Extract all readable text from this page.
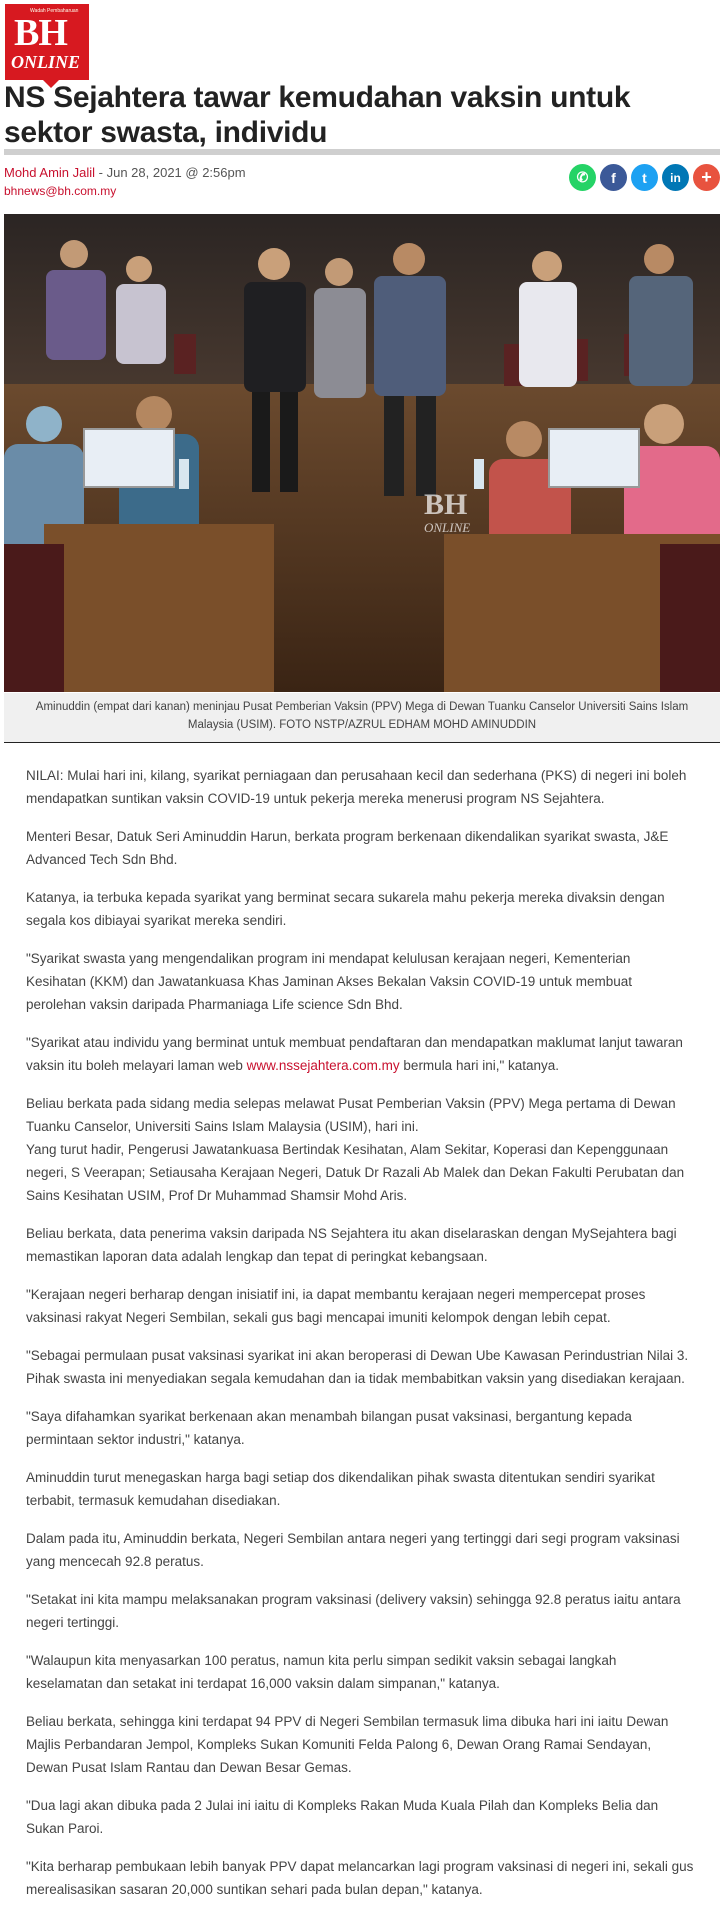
Wadah Pembaharuan
BH
ONLINE
NS Sejahtera tawar kemudahan vaksin untuk sektor swasta, individu
Mohd Amin Jalil - Jun 28, 2021 @ 2:56pm
bhnews@bh.com.my
✆	f	t	in	+
BH
ONLINE
Aminuddin (empat dari kanan) meninjau Pusat Pemberian Vaksin (PPV) Mega di Dewan Tuanku Canselor Universiti Sains Islam Malaysia (USIM). FOTO NSTP/AZRUL EDHAM MOHD AMINUDDIN

NILAI: Mulai hari ini, kilang, syarikat perniagaan dan perusahaan kecil dan sederhana (PKS) di negeri ini boleh mendapatkan suntikan vaksin COVID-19 untuk pekerja mereka menerusi program NS Sejahtera.

Menteri Besar, Datuk Seri Aminuddin Harun, berkata program berkenaan dikendalikan syarikat swasta, J&E Advanced Tech Sdn Bhd.

Katanya, ia terbuka kepada syarikat yang berminat secara sukarela mahu pekerja mereka divaksin dengan segala kos dibiayai syarikat mereka sendiri.

"Syarikat swasta yang mengendalikan program ini mendapat kelulusan kerajaan negeri, Kementerian Kesihatan (KKM) dan Jawatankuasa Khas Jaminan Akses Bekalan Vaksin COVID-19 untuk membuat perolehan vaksin daripada Pharmaniaga Life science Sdn Bhd.

"Syarikat atau individu yang berminat untuk membuat pendaftaran dan mendapatkan maklumat lanjut tawaran vaksin itu boleh melayari laman web www.nssejahtera.com.my bermula hari ini," katanya.

Beliau berkata pada sidang media selepas melawat Pusat Pemberian Vaksin (PPV) Mega pertama di Dewan Tuanku Canselor, Universiti Sains Islam Malaysia (USIM), hari ini.

Yang turut hadir, Pengerusi Jawatankuasa Bertindak Kesihatan, Alam Sekitar, Koperasi dan Kepenggunaan negeri, S Veerapan; Setiausaha Kerajaan Negeri, Datuk Dr Razali Ab Malek dan Dekan Fakulti Perubatan dan Sains Kesihatan USIM, Prof Dr Muhammad Shamsir Mohd Aris.

Beliau berkata, data penerima vaksin daripada NS Sejahtera itu akan diselaraskan dengan MySejahtera bagi memastikan laporan data adalah lengkap dan tepat di peringkat kebangsaan.

"Kerajaan negeri berharap dengan inisiatif ini, ia dapat membantu kerajaan negeri mempercepat proses vaksinasi rakyat Negeri Sembilan, sekali gus bagi mencapai imuniti kelompok dengan lebih cepat.

"Sebagai permulaan pusat vaksinasi syarikat ini akan beroperasi di Dewan Ube Kawasan Perindustrian Nilai 3. Pihak swasta ini menyediakan segala kemudahan dan ia tidak membabitkan vaksin yang disediakan kerajaan.

"Saya difahamkan syarikat berkenaan akan menambah bilangan pusat vaksinasi, bergantung kepada permintaan sektor industri," katanya.

Aminuddin turut menegaskan harga bagi setiap dos dikendalikan pihak swasta ditentukan sendiri syarikat terbabit, termasuk kemudahan disediakan.

Dalam pada itu, Aminuddin berkata, Negeri Sembilan antara negeri yang tertinggi dari segi program vaksinasi yang mencecah 92.8 peratus.

"Setakat ini kita mampu melaksanakan program vaksinasi (delivery vaksin) sehingga 92.8 peratus iaitu antara negeri tertinggi.

"Walaupun kita menyasarkan 100 peratus, namun kita perlu simpan sedikit vaksin sebagai langkah keselamatan dan setakat ini terdapat 16,000 vaksin dalam simpanan," katanya.

Beliau berkata, sehingga kini terdapat 94 PPV di Negeri Sembilan termasuk lima dibuka hari ini iaitu Dewan Majlis Perbandaran Jempol, Kompleks Sukan Komuniti Felda Palong 6, Dewan Orang Ramai Sendayan, Dewan Pusat Islam Rantau dan Dewan Besar Gemas.

"Dua lagi akan dibuka pada 2 Julai ini iaitu di Kompleks Rakan Muda Kuala Pilah dan Kompleks Belia dan Sukan Paroi.

"Kita berharap pembukaan lebih banyak PPV dapat melancarkan lagi program vaksinasi di negeri ini, sekali gus merealisasikan sasaran 20,000 suntikan sehari pada bulan depan," katanya.
